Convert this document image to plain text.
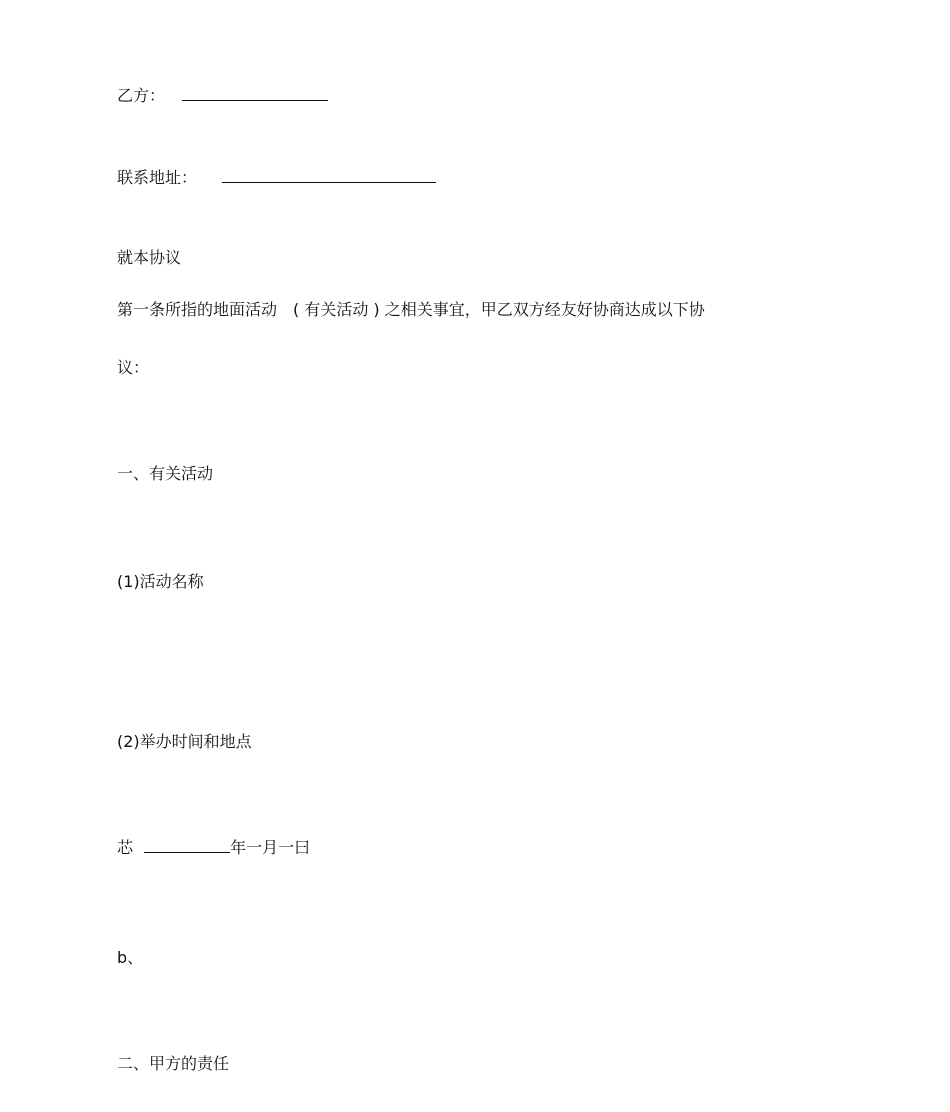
乙方：
联系地址：
就本协议
第一条所指的地面活动　( 有关活动 ) 之相关事宜，甲乙双方经友好协商达成以下协
议：
一、有关活动
(1)活动名称
(2)举办时间和地点
芯	年一月一曰
b、
二、甲方的责任
